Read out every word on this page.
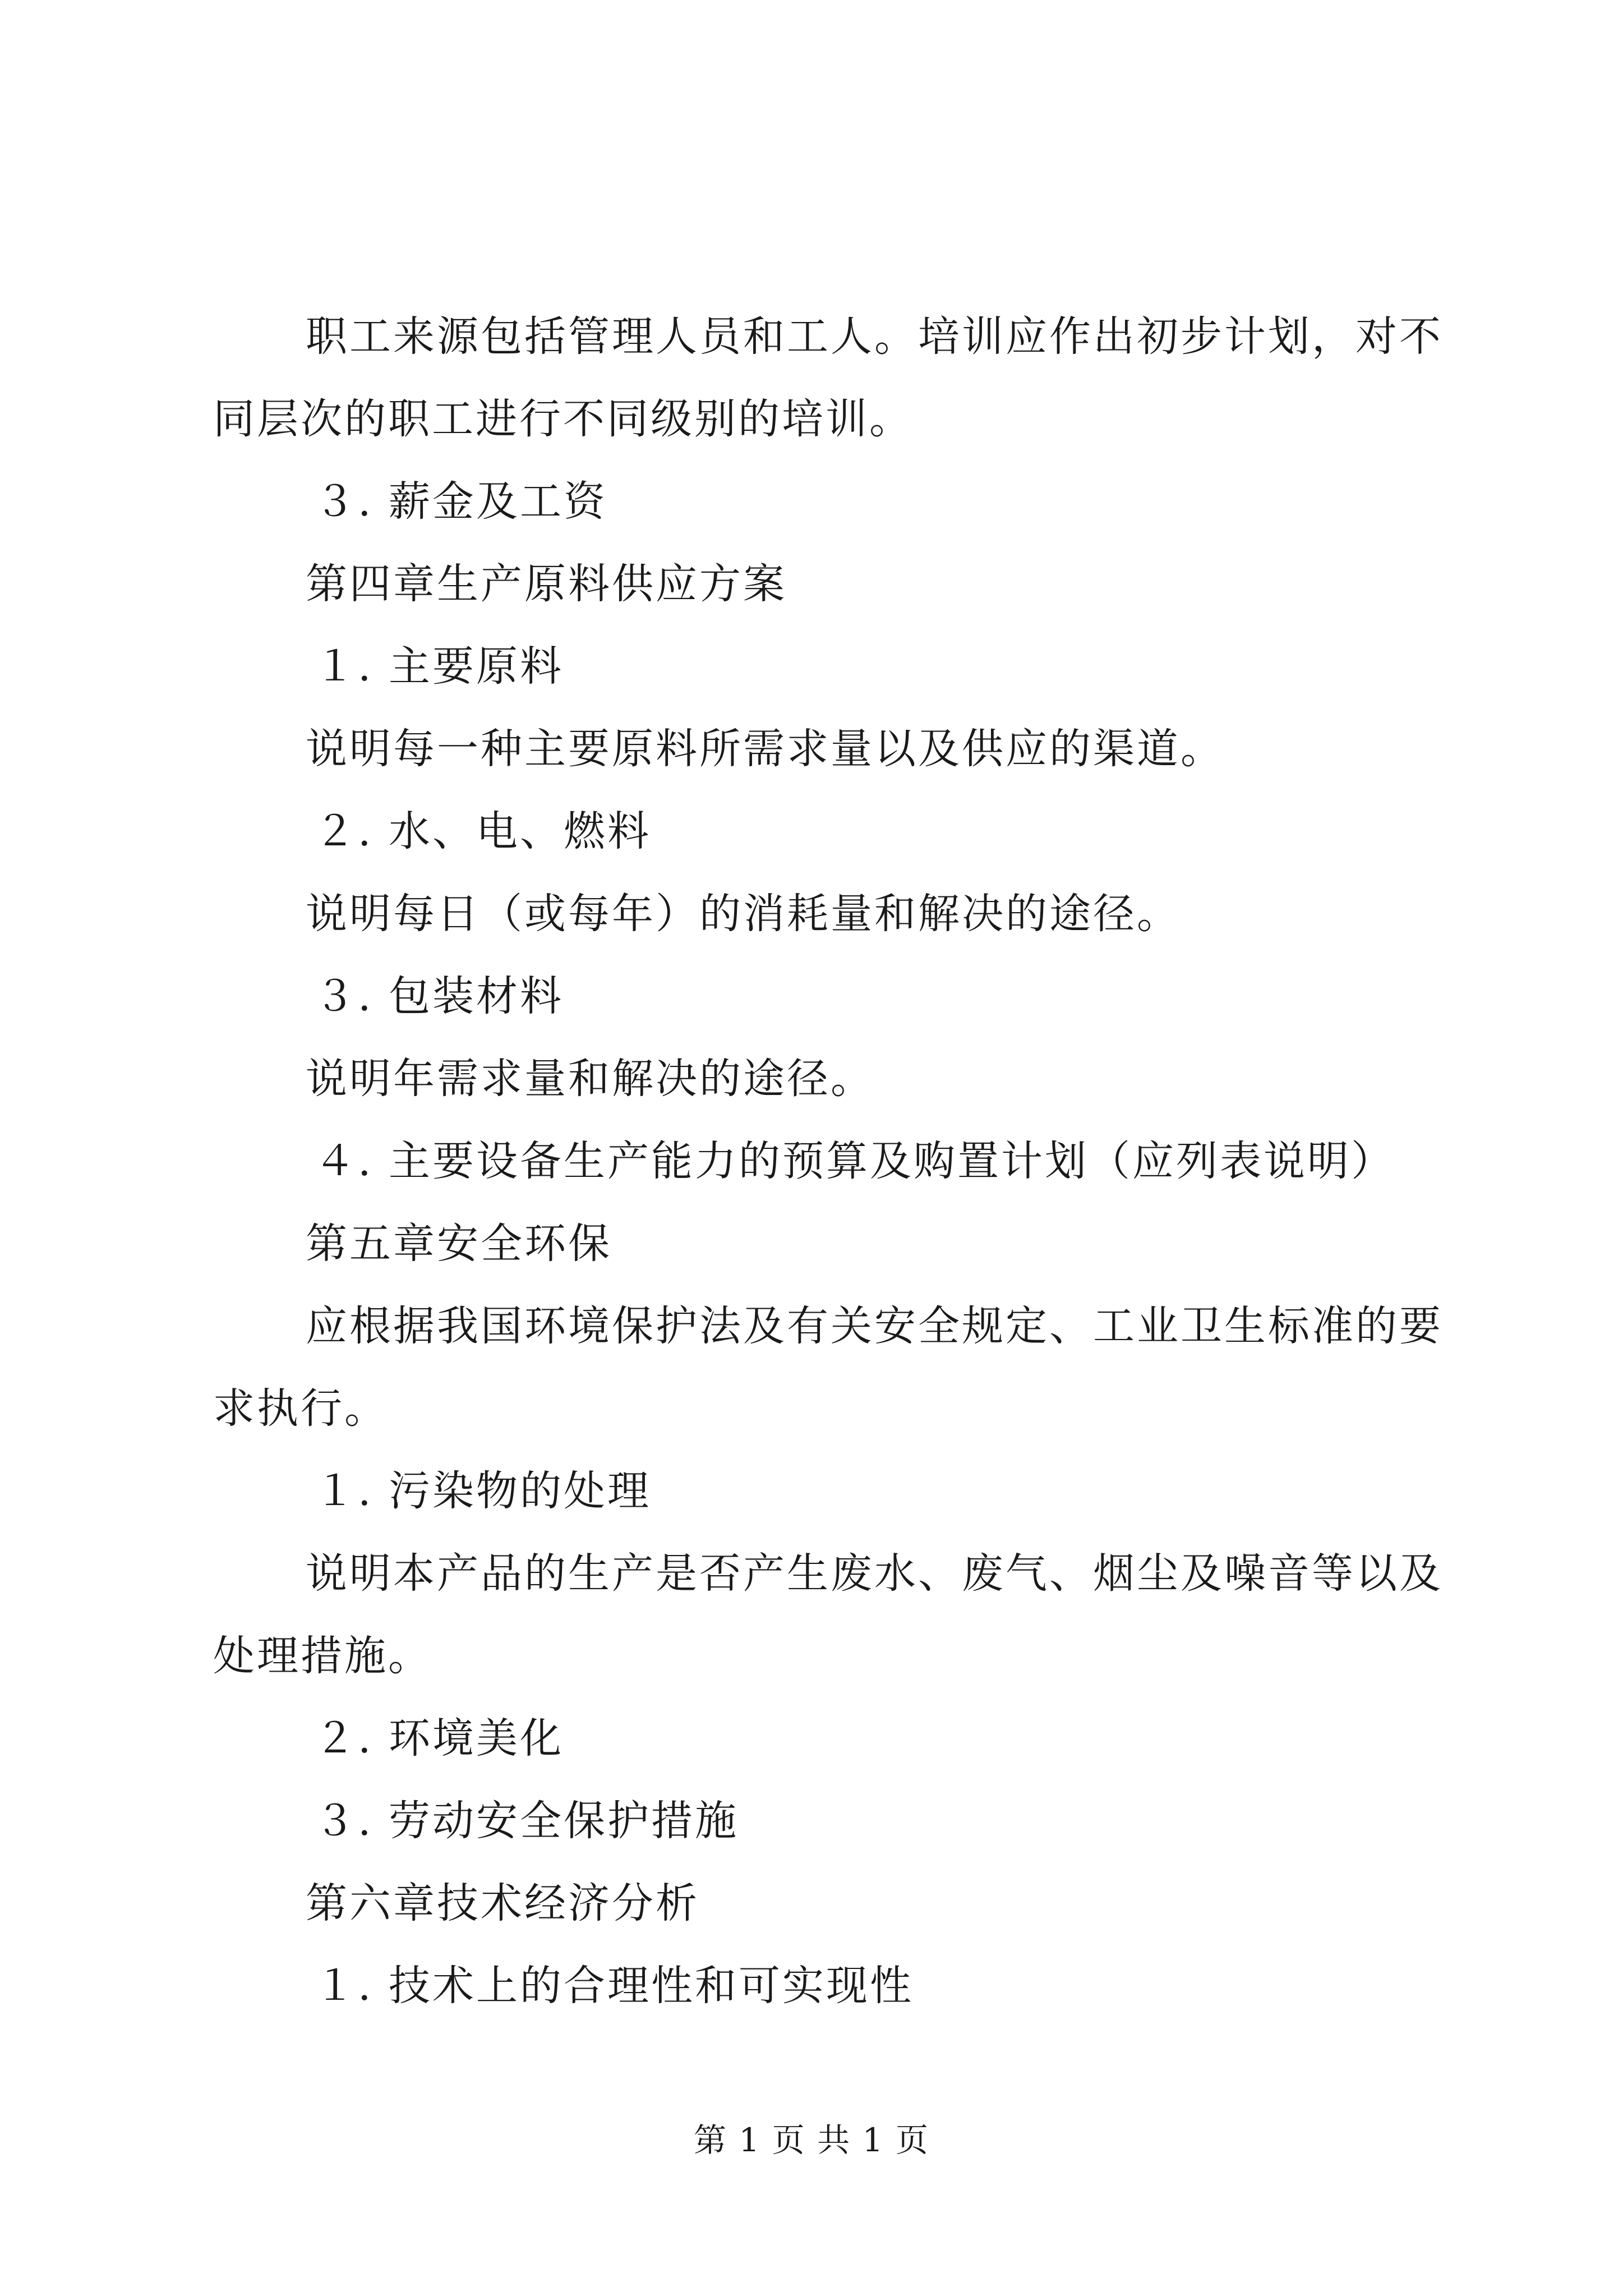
职工来源包括管理人员和工人。培训应作出初步计划，对不
同层次的职工进行不同级别的培训。
３. 薪金及工资
第四章生产原料供应方案
１. 主要原料
说明每一种主要原料所需求量以及供应的渠道。
２. 水、电、燃料
说明每日（或每年）的消耗量和解决的途径。
３. 包装材料
说明年需求量和解决的途径。
４. 主要设备生产能力的预算及购置计划（应列表说明）
第五章安全环保
应根据我国环境保护法及有关安全规定、工业卫生标准的要
求执行。
１. 污染物的处理
说明本产品的生产是否产生废水、废气、烟尘及噪音等以及
处理措施。
２. 环境美化
３. 劳动安全保护措施
第六章技术经济分析
１. 技术上的合理性和可实现性
第 1 页 共 1 页
